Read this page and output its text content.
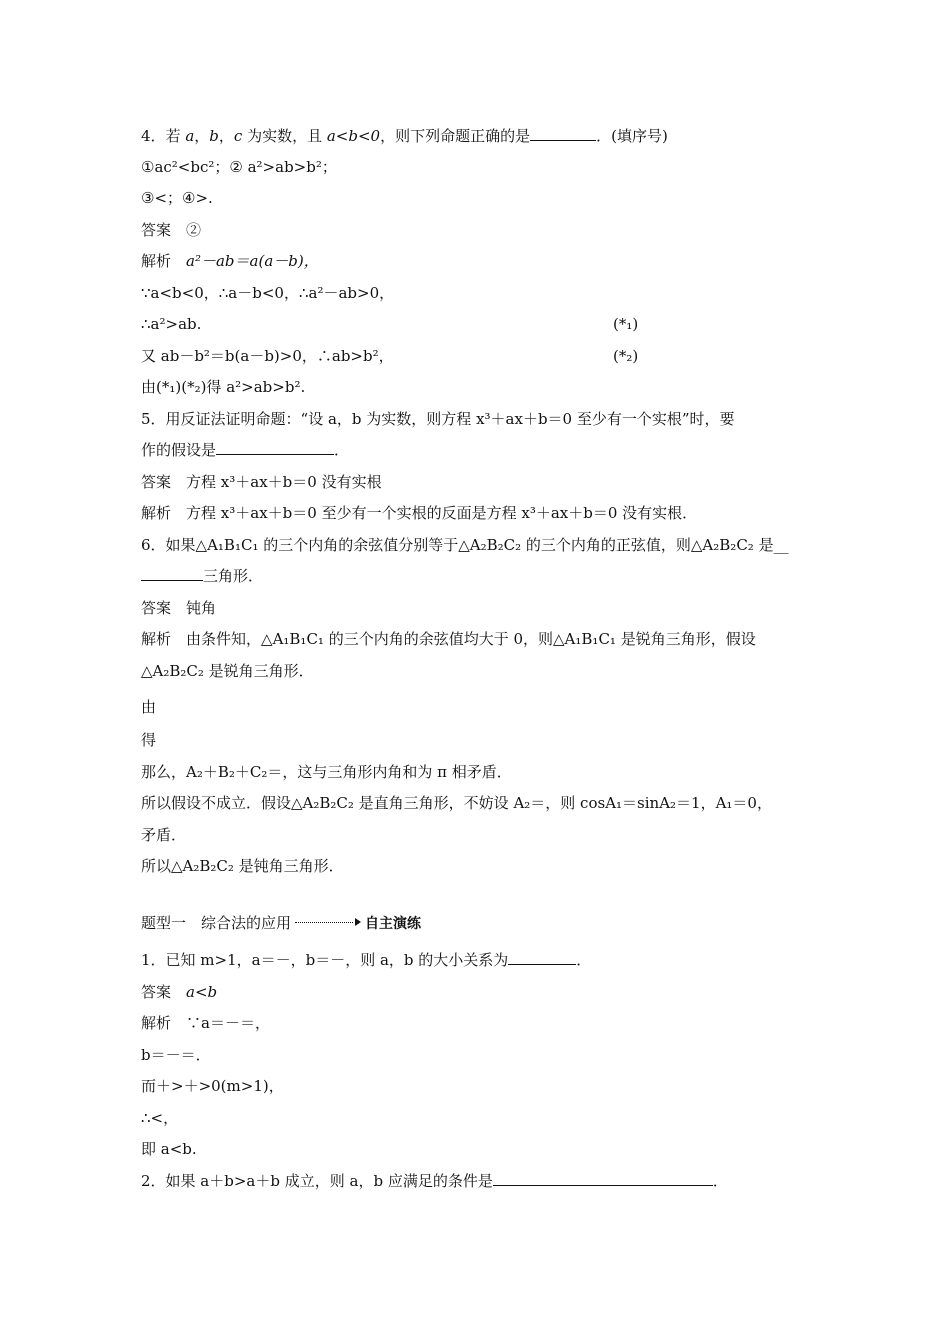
4．若 a，b，c 为实数，且 a<b<0，则下列命题正确的是	．(填序号)
①ac²<bc²；② a²>ab>b²；
③<；④>.
答案　 ②
解析　 a²－ab＝a(a－b)，
∵a<b<0，∴a－b<0，∴a²－ab>0，
∴a²>ab.	(*₁)
又 ab－b²＝b(a－b)>0，∴ab>b²，	(*₂)
由(*₁)(*₂)得 a²>ab>b².
5．用反证法证明命题：“设 a，b 为实数，则方程 x³＋ax＋b＝0 至少有一个实根”时，要
作的假设是	．
答案　 方程 x³＋ax＋b＝0 没有实根
解析　 方程 x³＋ax＋b＝0 至少有一个实根的反面是方程 x³＋ax＋b＝0 没有实根．
6．如果△A₁B₁C₁ 的三个内角的余弦值分别等于△A₂B₂C₂ 的三个内角的正弦值，则△A₂B₂C₂ 是__
三角形．
答案　 钝角
解析　 由条件知，△A₁B₁C₁ 的三个内角的余弦值均大于 0，则△A₁B₁C₁ 是锐角三角形，假设
△A₂B₂C₂ 是锐角三角形．
由
得
那么，A₂＋B₂＋C₂＝，这与三角形内角和为 π 相矛盾．
所以假设不成立．假设△A₂B₂C₂ 是直角三角形，不妨设 A₂＝，则 cosA₁＝sinA₂＝1，A₁＝0，
矛盾．
所以△A₂B₂C₂ 是钝角三角形．
题型一　综合法的应用	自主演练
1．已知 m>1，a＝－，b＝－，则 a，b 的大小关系为	．
答案　 a<b
解析　 ∵a＝－＝，
b＝－＝．
而＋>＋>0(m>1)，
∴<，
即 a<b.
2．如果 a＋b>a＋b 成立，则 a，b 应满足的条件是	．
